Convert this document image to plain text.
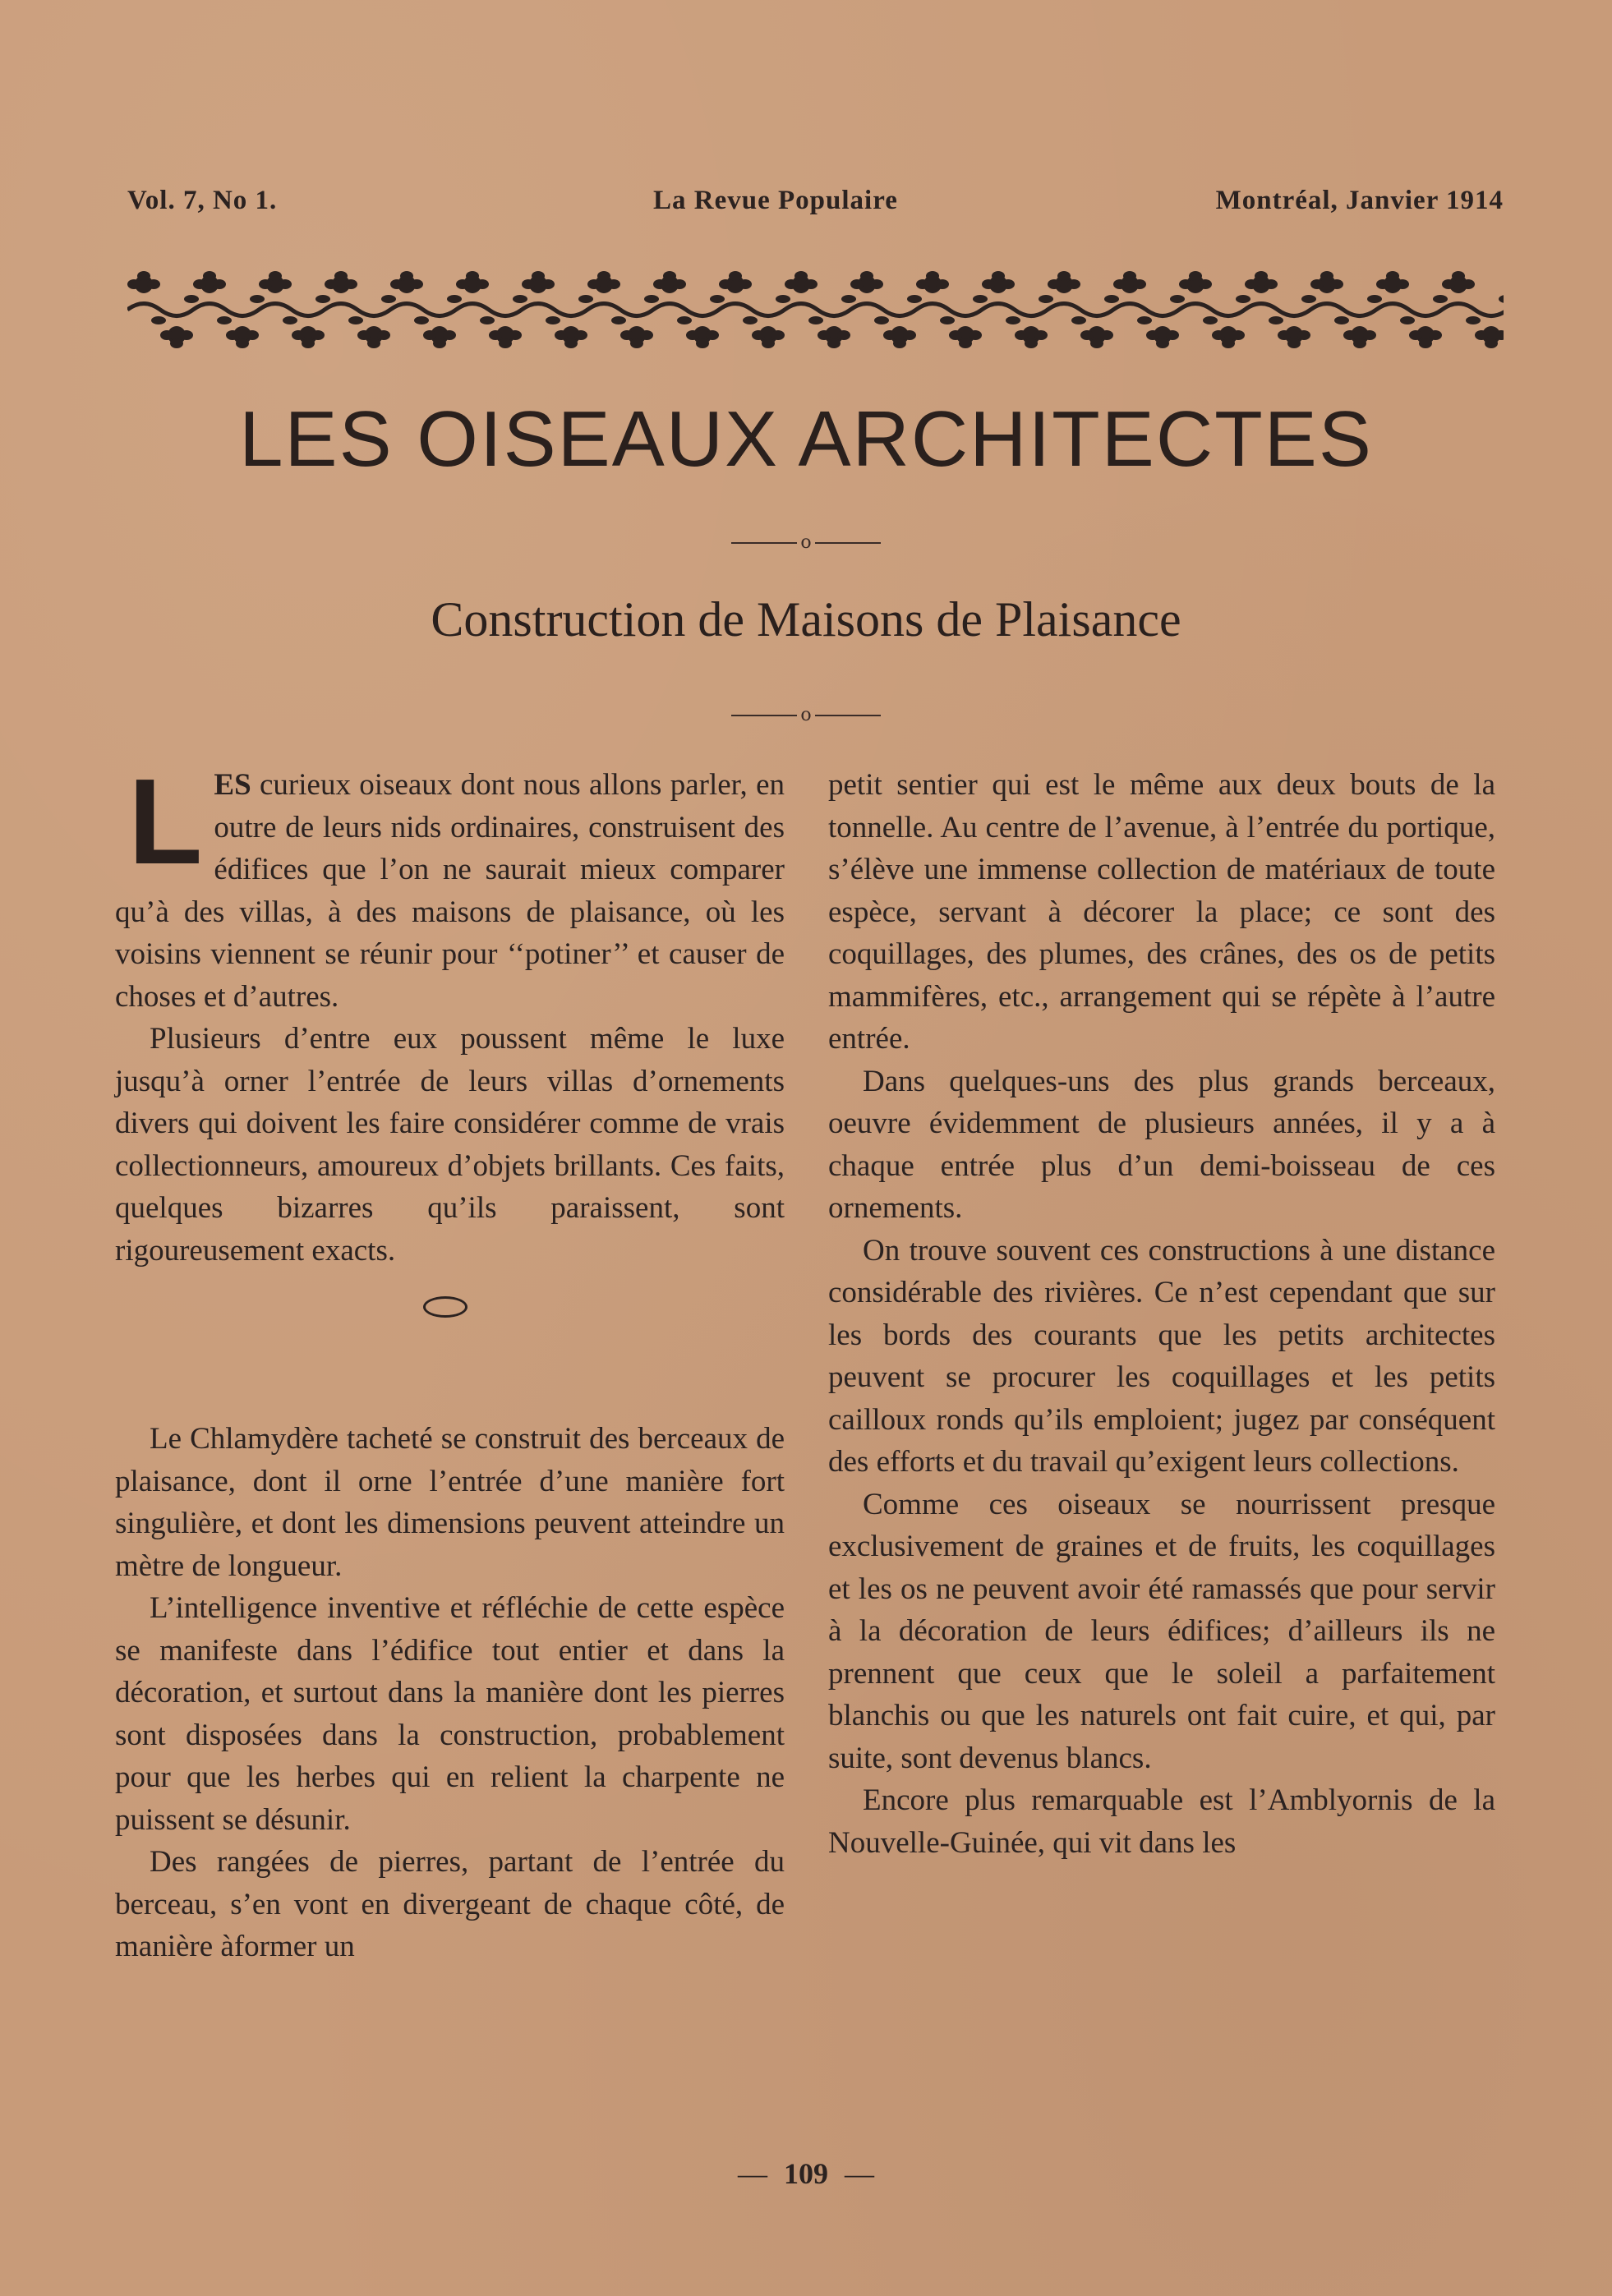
Vol. 7, No 1.	La Revue Populaire	Montréal, Janvier 1914
LES OISEAUX ARCHITECTES
o
Construction de Maisons de Plaisance
o

LES curieux oiseaux dont nous allons parler, en outre de leurs nids ordinaires, construisent des édifices que l’on ne saurait mieux comparer qu’à des villas, à des maisons de plaisance, où les voisins viennent se réunir pour ‘‘potiner’’ et causer de choses et d’autres.

Plusieurs d’entre eux poussent même le luxe jusqu’à orner l’entrée de leurs villas d’ornements divers qui doivent les faire considérer comme de vrais collectionneurs, amoureux d’objets brillants. Ces faits, quelques bizarres qu’ils paraissent, sont rigoureusement exacts.

Le Chlamydère tacheté se construit des berceaux de plaisance, dont il orne l’entrée d’une manière fort singulière, et dont les dimensions peuvent atteindre un mètre de longueur.

L’intelligence inventive et réfléchie de cette espèce se manifeste dans l’édifice tout entier et dans la décoration, et surtout dans la manière dont les pierres sont disposées dans la construction, probablement pour que les herbes qui en relient la charpente ne puissent se désunir.

Des rangées de pierres, partant de l’entrée du berceau, s’en vont en divergeant de chaque côté, de manière àformer un

petit sentier qui est le même aux deux bouts de la tonnelle. Au centre de l’avenue, à l’entrée du portique, s’élève une immense collection de matériaux de toute espèce, servant à décorer la place; ce sont des coquillages, des plumes, des crânes, des os de petits mammifères, etc., arrangement qui se répète à l’autre entrée.

Dans quelques-uns des plus grands berceaux, oeuvre évidemment de plusieurs années, il y a à chaque entrée plus d’un demi-boisseau de ces ornements.

On trouve souvent ces constructions à une distance considérable des rivières. Ce n’est cependant que sur les bords des courants que les petits architectes peuvent se procurer les coquillages et les petits cailloux ronds qu’ils emploient; jugez par conséquent des efforts et du travail qu’exigent leurs collections.

Comme ces oiseaux se nourrissent presque exclusivement de graines et de fruits, les coquillages et les os ne peuvent avoir été ramassés que pour servir à la décoration de leurs édifices; d’ailleurs ils ne prennent que ceux que le soleil a parfaitement blanchis ou que les naturels ont fait cuire, et qui, par suite, sont devenus blancs.

Encore plus remarquable est l’Amblyornis de la Nouvelle-Guinée, qui vit dans les

— 109 —
